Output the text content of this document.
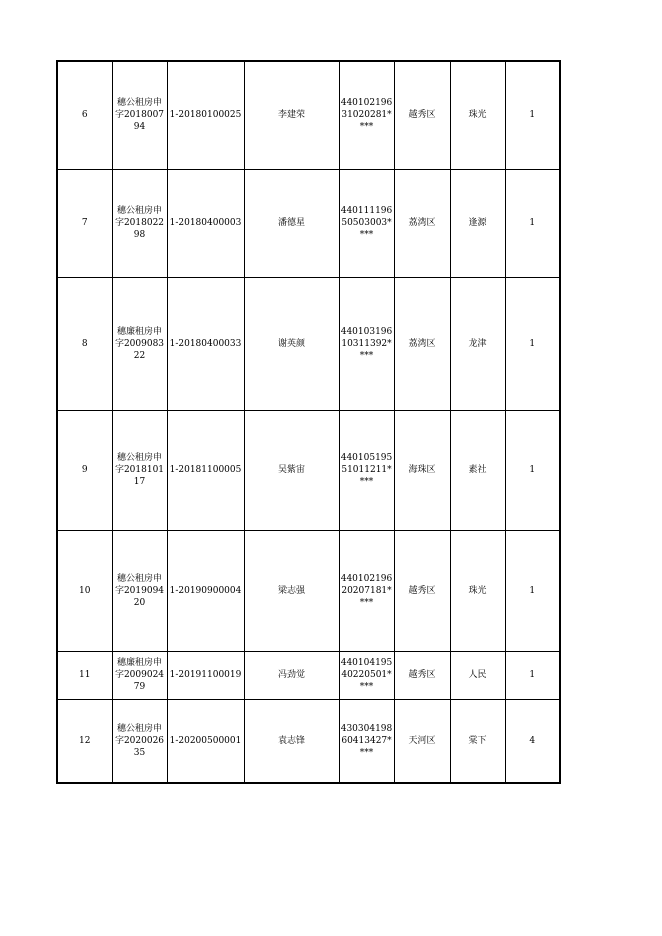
6	穗公租房申字201800794	1-20180100025	李建荣	44010219631020281****	越秀区	珠光	1
7	穗公租房申字201802298	1-20180400003	潘德星	44011119650503003****	荔湾区	逢源	1
8	穗廉租房申字200908322	1-20180400033	谢英颜	44010319610311392****	荔湾区	龙津	1
9	穗公租房申字201810117	1-20181100005	吴紫宙	44010519551011211****	海珠区	素社	1
10	穗公租房申字201909420	1-20190900004	梁志强	44010219620207181****	越秀区	珠光	1
11	穗廉租房申字200902479	1-20191100019	冯劲觉	44010419540220501****	越秀区	人民	1
12	穗公租房申字202002635	1-20200500001	袁志锋	43030419860413427****	天河区	棠下	4
